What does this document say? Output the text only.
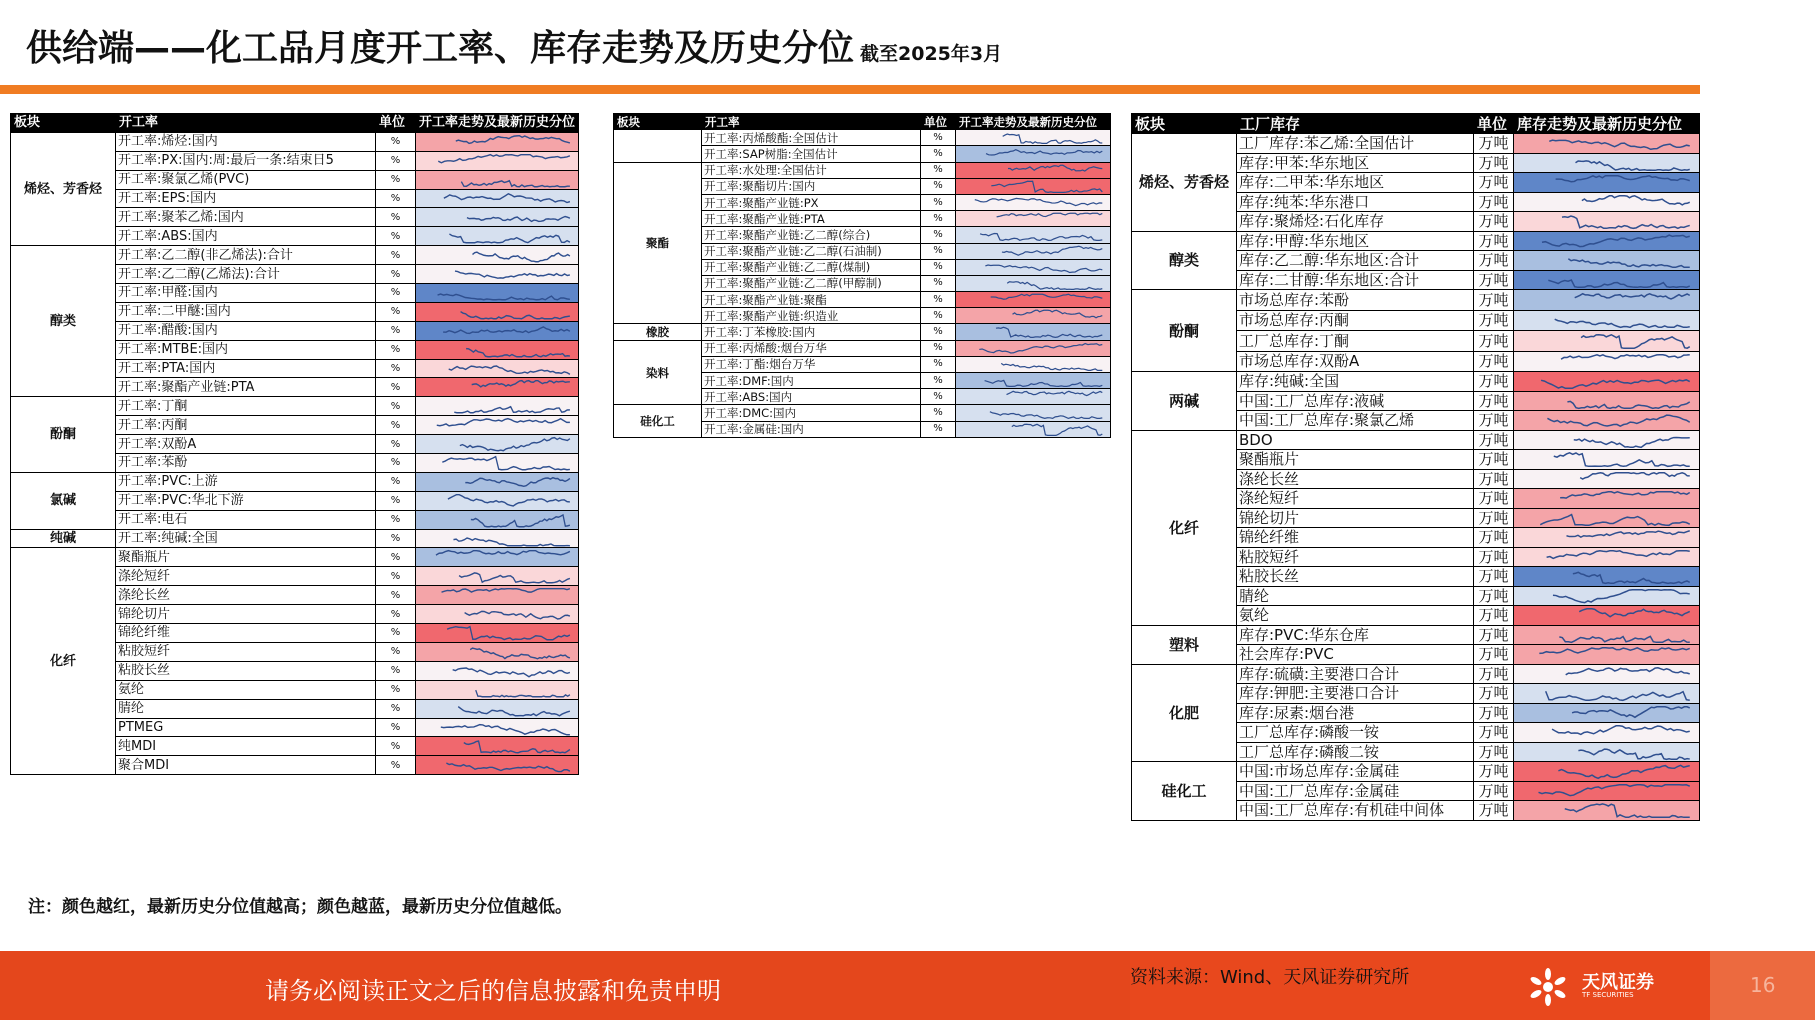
供给端——化工品月度开工率、库存走势及历史分位 截至2025年3月
板块	开工率	单位	开工率走势及最新历史分位
烯烃、芳香烃	开工率:烯烃:国内	%	

	开工率:PX:国内:周:最后一条:结束日5	%	

	开工率:聚氯乙烯(PVC)	%	

	开工率:EPS:国内	%	

	开工率:聚苯乙烯:国内	%	

	开工率:ABS:国内	%	

醇类	开工率:乙二醇(非乙烯法):合计	%	

	开工率:乙二醇(乙烯法):合计	%	

	开工率:甲醛:国内	%	

	开工率:二甲醚:国内	%	

	开工率:醋酸:国内	%	

	开工率:MTBE:国内	%	

	开工率:PTA:国内	%	

	开工率:聚酯产业链:PTA	%	

酚酮	开工率:丁酮	%	

	开工率:丙酮	%	

	开工率:双酚A	%	

	开工率:苯酚	%	

氯碱	开工率:PVC:上游	%	

	开工率:PVC:华北下游	%	

	开工率:电石	%	

纯碱	开工率:纯碱:全国	%	

化纤	聚酯瓶片	%	

	涤纶短纤	%	

	涤纶长丝	%	

	锦纶切片	%	

	锦纶纤维	%	

	粘胶短纤	%	

	粘胶长丝	%	

	氨纶	%	

	腈纶	%	

	PTMEG	%	

	纯MDI	%	

	聚合MDI	%	
板块	开工率	单位	开工率走势及最新历史分位
	开工率:丙烯酸酯:全国估计	%	

	开工率:SAP树脂:全国估计	%	

聚酯	开工率:水处理:全国估计	%	

	开工率:聚酯切片:国内	%	

	开工率:聚酯产业链:PX	%	

	开工率:聚酯产业链:PTA	%	

	开工率:聚酯产业链:乙二醇(综合)	%	

	开工率:聚酯产业链:乙二醇(石油制)	%	

	开工率:聚酯产业链:乙二醇(煤制)	%	

	开工率:聚酯产业链:乙二醇(甲醇制)	%	

	开工率:聚酯产业链:聚酯	%	

	开工率:聚酯产业链:织造业	%	

橡胶	开工率:丁苯橡胶:国内	%	

染料	开工率:丙烯酸:烟台万华	%	

	开工率:丁酯:烟台万华	%	

	开工率:DMF:国内	%	

	开工率:ABS:国内	%	

硅化工	开工率:DMC:国内	%	

	开工率:金属硅:国内	%	
板块	工厂库存	单位	库存走势及最新历史分位
烯烃、芳香烃	工厂库存:苯乙烯:全国估计	万吨	

	库存:甲苯:华东地区	万吨	

	库存:二甲苯:华东地区	万吨	

	库存:纯苯:华东港口	万吨	

	库存:聚烯烃:石化库存	万吨	

醇类	库存:甲醇:华东地区	万吨	

	库存:乙二醇:华东地区:合计	万吨	

	库存:二甘醇:华东地区:合计	万吨	

酚酮	市场总库存:苯酚	万吨	

	市场总库存:丙酮	万吨	

	工厂总库存:丁酮	万吨	

	市场总库存:双酚A	万吨	

两碱	库存:纯碱:全国	万吨	

	中国:工厂总库存:液碱	万吨	

	中国:工厂总库存:聚氯乙烯	万吨	

化纤	BDO	万吨	

	聚酯瓶片	万吨	

	涤纶长丝	万吨	

	涤纶短纤	万吨	

	锦纶切片	万吨	

	锦纶纤维	万吨	

	粘胶短纤	万吨	

	粘胶长丝	万吨	

	腈纶	万吨	

	氨纶	万吨	

塑料	库存:PVC:华东仓库	万吨	

	社会库存:PVC	万吨	

化肥	库存:硫磺:主要港口合计	万吨	

	库存:钾肥:主要港口合计	万吨	

	库存:尿素:烟台港	万吨	

	工厂总库存:磷酸一铵	万吨	

	工厂总库存:磷酸二铵	万吨	

硅化工	中国:市场总库存:金属硅	万吨	

	中国:工厂总库存:金属硅	万吨	

	中国:工厂总库存:有机硅中间体	万吨	
注：颜色越红，最新历史分位值越高；颜色越蓝，最新历史分位值越低。
请务必阅读正文之后的信息披露和免责申明	资料来源：Wind、天风证券研究所	天风证券
TF SECURITIES	16
